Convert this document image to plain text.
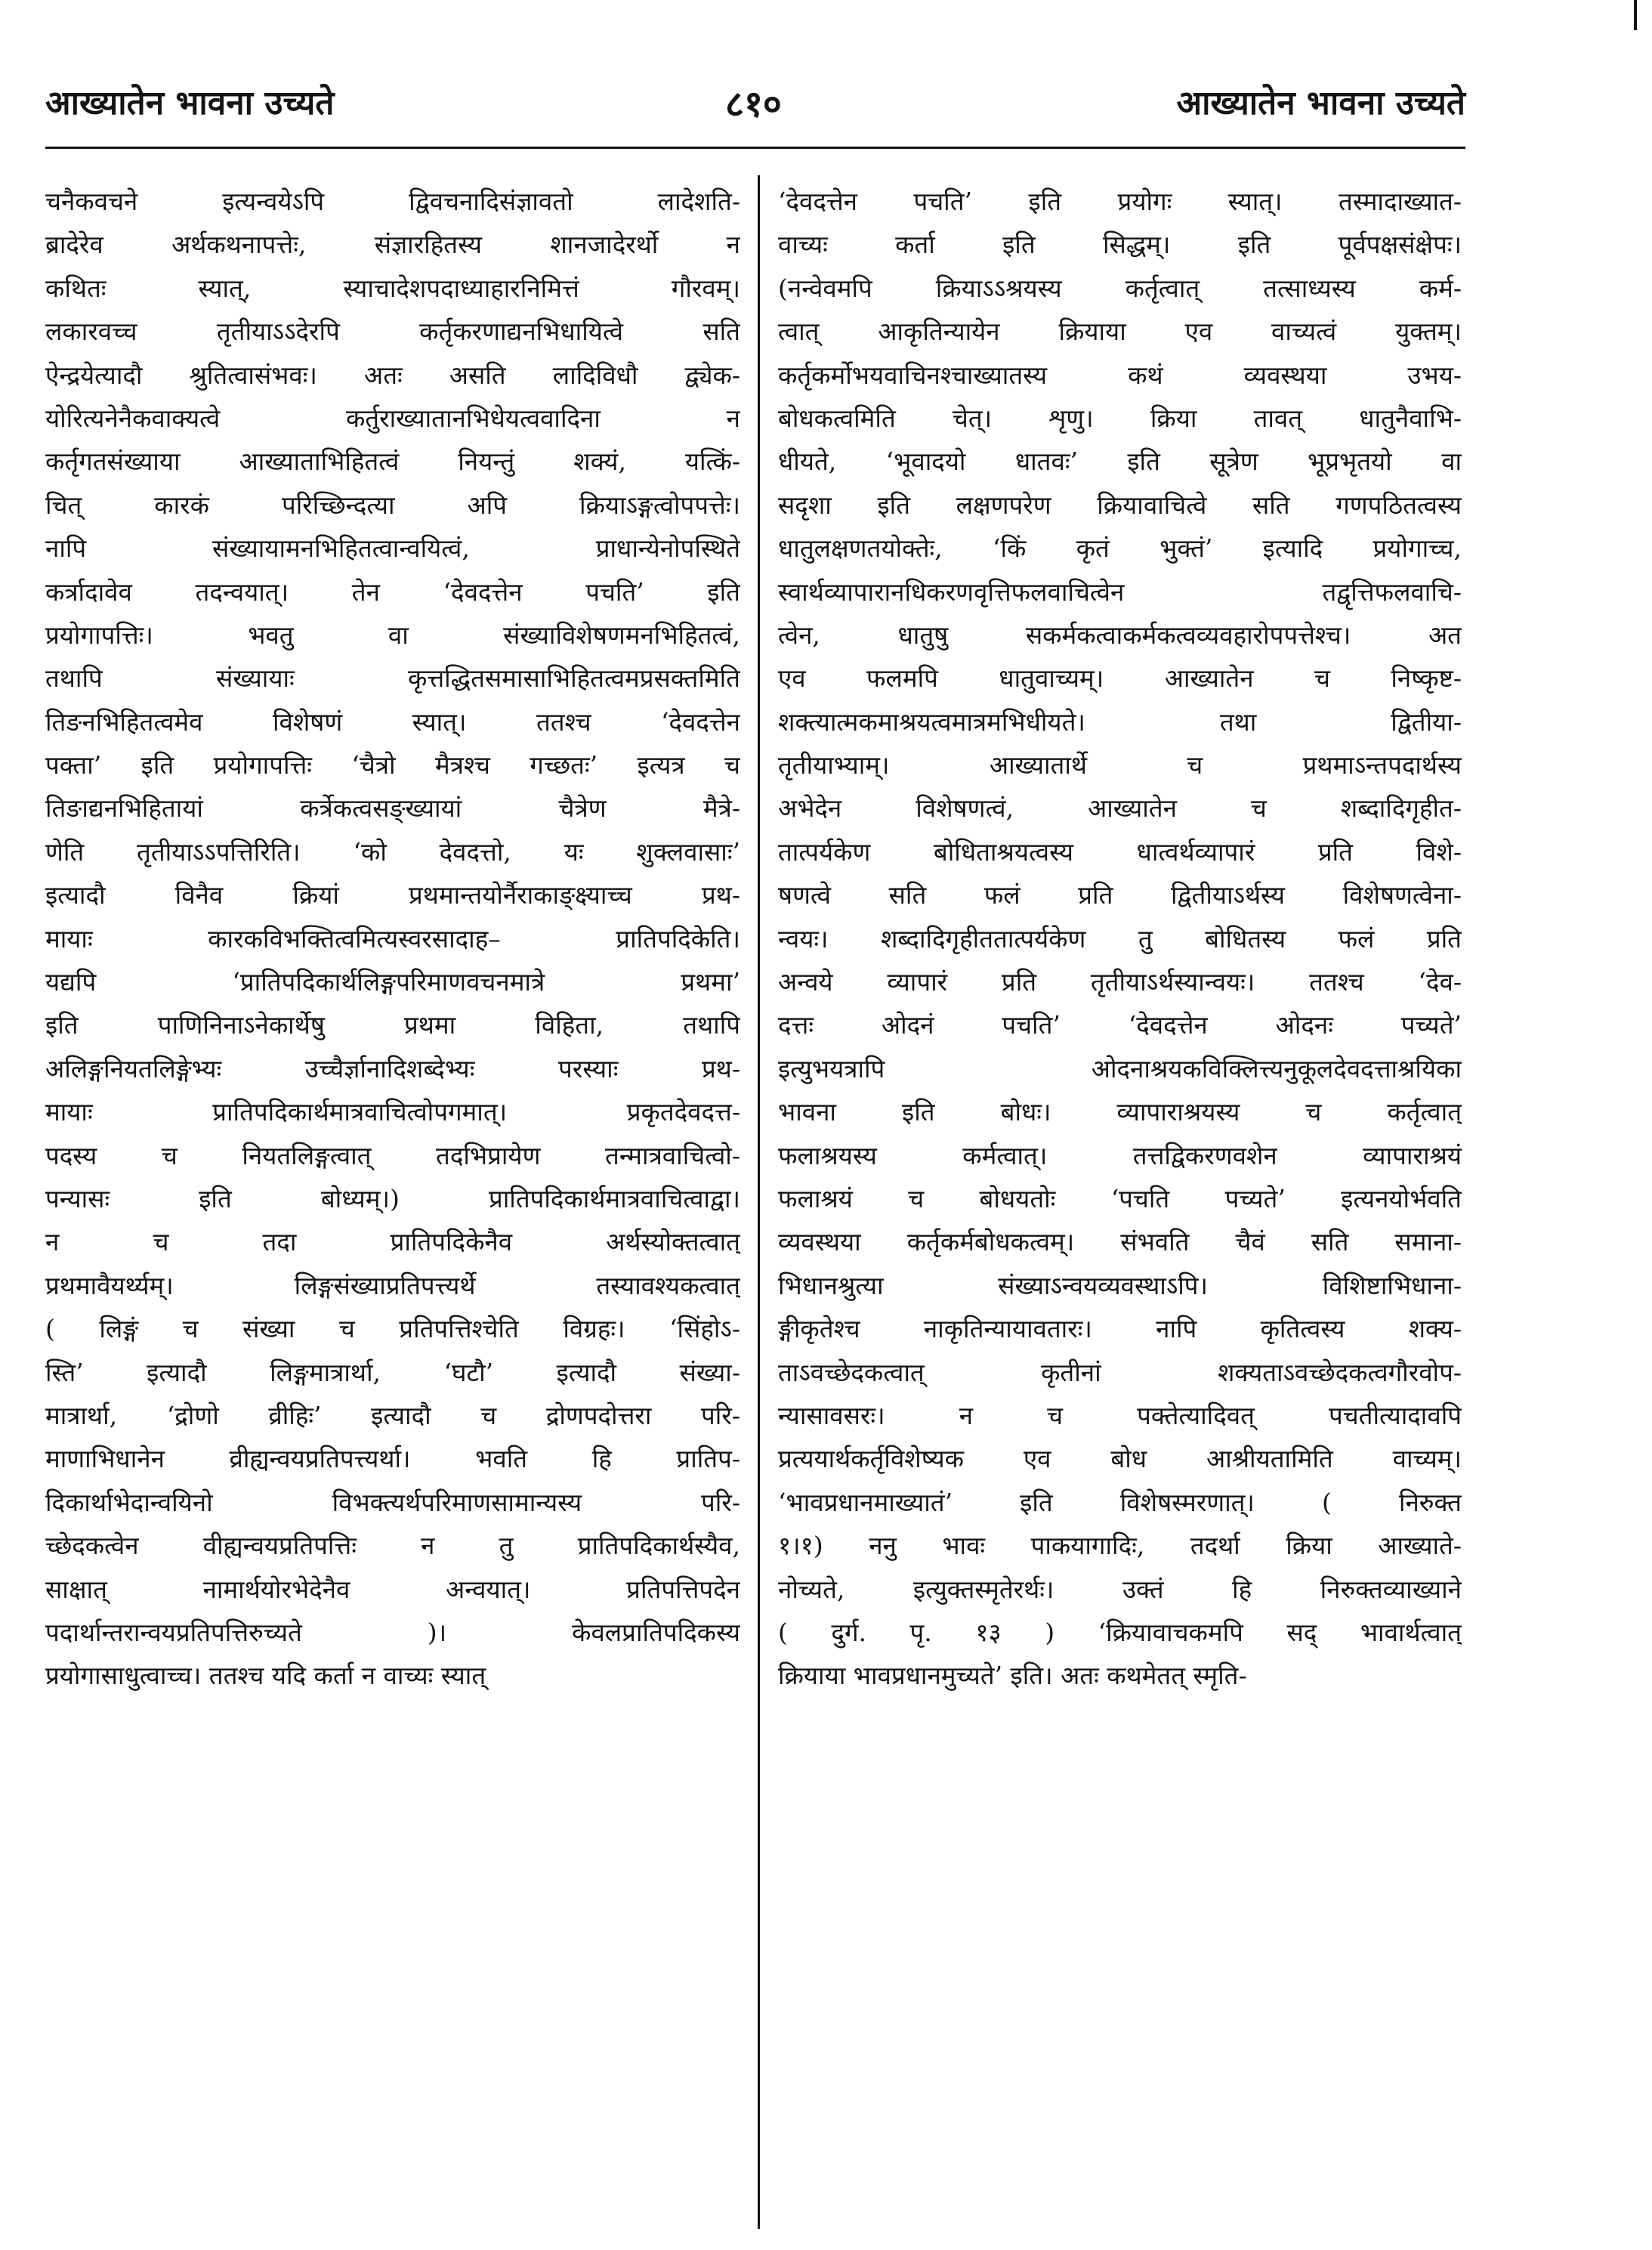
आख्यातेन भावना उच्यते	८१०	आख्यातेन भावना उच्यते
चनैकवचने इत्यन्वयेऽपि द्विवचनादिसंज्ञावतो लादेशति-
ब्रादेरेव अर्थकथनापत्तेः, संज्ञारहितस्य शानजादेरर्थो न
कथितः स्यात्, स्याचादेशपदाध्याहारनिमित्तं गौरवम्।
लकारवच्च तृतीयाऽऽदेरपि कर्तृकरणाद्यनभिधायित्वे सति
ऐन्द्रयेत्यादौ श्रुतित्वासंभवः। अतः असति लादिविधौ द्व्येक-
योरित्यनेनैकवाक्यत्वे कर्तुराख्यातानभिधेयत्ववादिना न
कर्तृगतसंख्याया आख्याताभिहितत्वं नियन्तुं शक्यं, यत्किं-
चित् कारकं परिच्छिन्दत्या अपि क्रियाऽङ्गत्वोपपत्तेः।
नापि संख्यायामनभिहितत्वान्वयित्वं, प्राधान्येनोपस्थिते
कर्त्रादावेव तदन्वयात्। तेन ‘देवदत्तेन पचति’ इति
प्रयोगापत्तिः। भवतु वा संख्याविशेषणमनभिहितत्वं,
तथापि संख्यायाः कृत्तद्धितसमासाभिहितत्वमप्रसक्तमिति
तिङनभिहितत्वमेव विशेषणं स्यात्। ततश्च ‘देवदत्तेन
पक्ता’ इति प्रयोगापत्तिः ‘चैत्रो मैत्रश्च गच्छतः’ इत्यत्र च
तिङाद्यनभिहितायां कर्त्रेकत्वसङ्ख्यायां चैत्रेण मैत्रे-
णेति तृतीयाऽऽपत्तिरिति। ‘को देवदत्तो, यः शुक्लवासाः’
इत्यादौ विनैव क्रियां प्रथमान्तयोर्नैराकाङ्क्ष्याच्च प्रथ-
मायाः कारकविभक्तित्वमित्यस्वरसादाह– प्रातिपदिकेति।
यद्यपि ‘प्रातिपदिकार्थलिङ्गपरिमाणवचनमात्रे प्रथमा’
इति पाणिनिनाऽनेकार्थेषु प्रथमा विहिता, तथापि
अलिङ्गनियतलिङ्गेभ्यः उच्चैर्ज्ञानादिशब्देभ्यः परस्याः प्रथ-
मायाः प्रातिपदिकार्थमात्रवाचित्वोपगमात्। प्रकृतदेवदत्त-
पदस्य च नियतलिङ्गत्वात् तदभिप्रायेण तन्मात्रवाचित्वो-
पन्यासः इति बोध्यम्।) प्रातिपदिकार्थमात्रवाचित्वाद्वा।
न च तदा प्रातिपदिकेनैव अर्थस्योक्तत्वात्
प्रथमावैयर्थ्यम्। लिङ्गसंख्याप्रतिपत्त्यर्थे तस्यावश्यकत्वात्
( लिङ्गं च संख्या च प्रतिपत्तिश्चेति विग्रहः। ‘सिंहोऽ-
स्ति’ इत्यादौ लिङ्गमात्रार्था, ‘घटौ’ इत्यादौ संख्या-
मात्रार्था, ‘द्रोणो व्रीहिः’ इत्यादौ च द्रोणपदोत्तरा परि-
माणाभिधानेन व्रीह्यन्वयप्रतिपत्त्यर्था। भवति हि प्रातिप-
दिकार्थाभेदान्वयिनो विभक्त्यर्थपरिमाणसामान्यस्य परि-
च्छेदकत्वेन वीह्यन्वयप्रतिपत्तिः न तु प्रातिपदिकार्थस्यैव,
साक्षात् नामार्थयोरभेदेनैव अन्वयात्। प्रतिपत्तिपदेन
पदार्थान्तरान्वयप्रतिपत्तिरुच्यते )। केवलप्रातिपदिकस्य
प्रयोगासाधुत्वाच्च। ततश्च यदि कर्ता न वाच्यः स्यात्
‘देवदत्तेन पचति’ इति प्रयोगः स्यात्। तस्मादाख्यात-
वाच्यः कर्ता इति सिद्धम्। इति पूर्वपक्षसंक्षेपः।
(नन्वेवमपि क्रियाऽऽश्रयस्य कर्तृत्वात् तत्साध्यस्य कर्म-
त्वात् आकृतिन्यायेन क्रियाया एव वाच्यत्वं युक्तम्।
कर्तृकर्मोभयवाचिनश्चाख्यातस्य कथं व्यवस्थया उभय-
बोधकत्वमिति चेत्। शृणु। क्रिया तावत् धातुनैवाभि-
धीयते, ‘भूवादयो धातवः’ इति सूत्रेण भूप्रभृतयो वा
सदृशा इति लक्षणपरेण क्रियावाचित्वे सति गणपठितत्वस्य
धातुलक्षणतयोक्तेः, ‘किं कृतं भुक्तं’ इत्यादि प्रयोगाच्च,
स्वार्थव्यापारानधिकरणवृत्तिफलवाचित्वेन तद्वृत्तिफलवाचि-
त्वेन, धातुषु सकर्मकत्वाकर्मकत्वव्यवहारोपपत्तेश्च। अत
एव फलमपि धातुवाच्यम्। आख्यातेन च निष्कृष्ट-
शक्त्यात्मकमाश्रयत्वमात्रमभिधीयते। तथा द्वितीया-
तृतीयाभ्याम्। आख्यातार्थे च प्रथमाऽन्तपदार्थस्य
अभेदेन विशेषणत्वं, आख्यातेन च शब्दादिगृहीत-
तात्पर्यकेण बोधिताश्रयत्वस्य धात्वर्थव्यापारं प्रति विशे-
षणत्वे सति फलं प्रति द्वितीयाऽर्थस्य विशेषणत्वेना-
न्वयः। शब्दादिगृहीततात्पर्यकेण तु बोधितस्य फलं प्रति
अन्वये व्यापारं प्रति तृतीयाऽर्थस्यान्वयः। ततश्च ‘देव-
दत्तः ओदनं पचति’ ‘देवदत्तेन ओदनः पच्यते’
इत्युभयत्रापि ओदनाश्रयकविक्लित्त्यनुकूलदेवदत्ताश्रयिका
भावना इति बोधः। व्यापाराश्रयस्य च कर्तृत्वात्
फलाश्रयस्य कर्मत्वात्। तत्तद्विकरणवशेन व्यापाराश्रयं
फलाश्रयं च बोधयतोः ‘पचति पच्यते’ इत्यनयोर्भवति
व्यवस्थया कर्तृकर्मबोधकत्वम्। संभवति चैवं सति समाना-
भिधानश्रुत्या संख्याऽन्वयव्यवस्थाऽपि। विशिष्टाभिधाना-
ङ्गीकृतेश्च नाकृतिन्यायावतारः। नापि कृतित्वस्य शक्य-
ताऽवच्छेदकत्वात् कृतीनां शक्यताऽवच्छेदकत्वगौरवोप-
न्यासावसरः। न च पक्तेत्यादिवत् पचतीत्यादावपि
प्रत्ययार्थकर्तृविशेष्यक एव बोध आश्रीयतामिति वाच्यम्।
‘भावप्रधानमाख्यातं’ इति विशेषस्मरणात्। ( निरुक्त
१।१) ननु भावः पाकयागादिः, तदर्था क्रिया आख्याते-
नोच्यते, इत्युक्तस्मृतेरर्थः। उक्तं हि निरुक्तव्याख्याने
( दुर्ग. पृ. १३ ) ‘क्रियावाचकमपि सद् भावार्थत्वात्
क्रियाया भावप्रधानमुच्यते’ इति। अतः कथमेतत् स्मृति-
